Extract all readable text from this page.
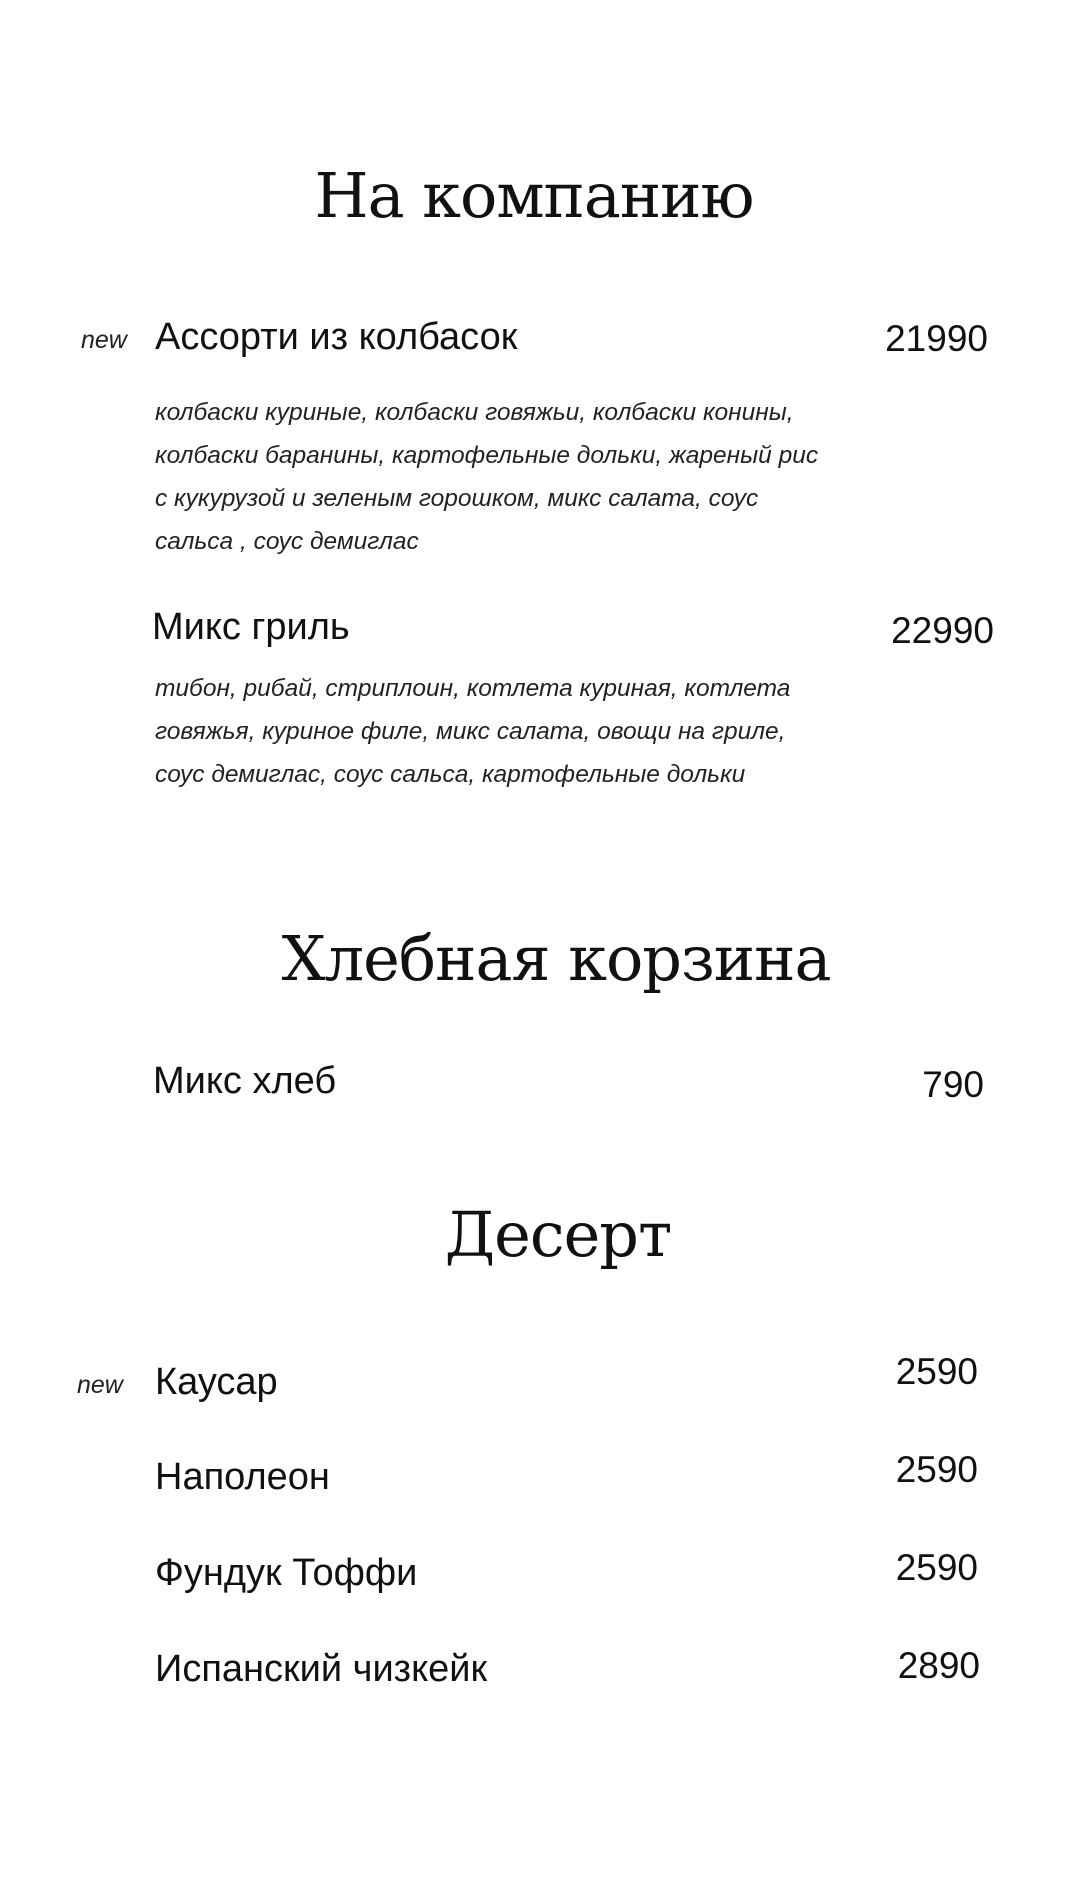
На компанию
new Ассорти из колбасок	21990
колбаски куриные, колбаски говяжьи, колбаски конины,
колбаски баранины, картофельные дольки, жареный рис
с кукурузой и зеленым горошком, микс салата, соус
сальса , соус демиглас
Микс гриль	22990
тибон, рибай, стриплоин, котлета куриная, котлета
говяжья, куриное филе, микс салата, овощи на гриле,
соус демиглас, соус сальса, картофельные дольки
Хлебная корзина
Микс хлеб	790
Десерт
new Каусар	2590
Наполеон	2590
Фундук Тоффи	2590
Испанский чизкейк	2890
